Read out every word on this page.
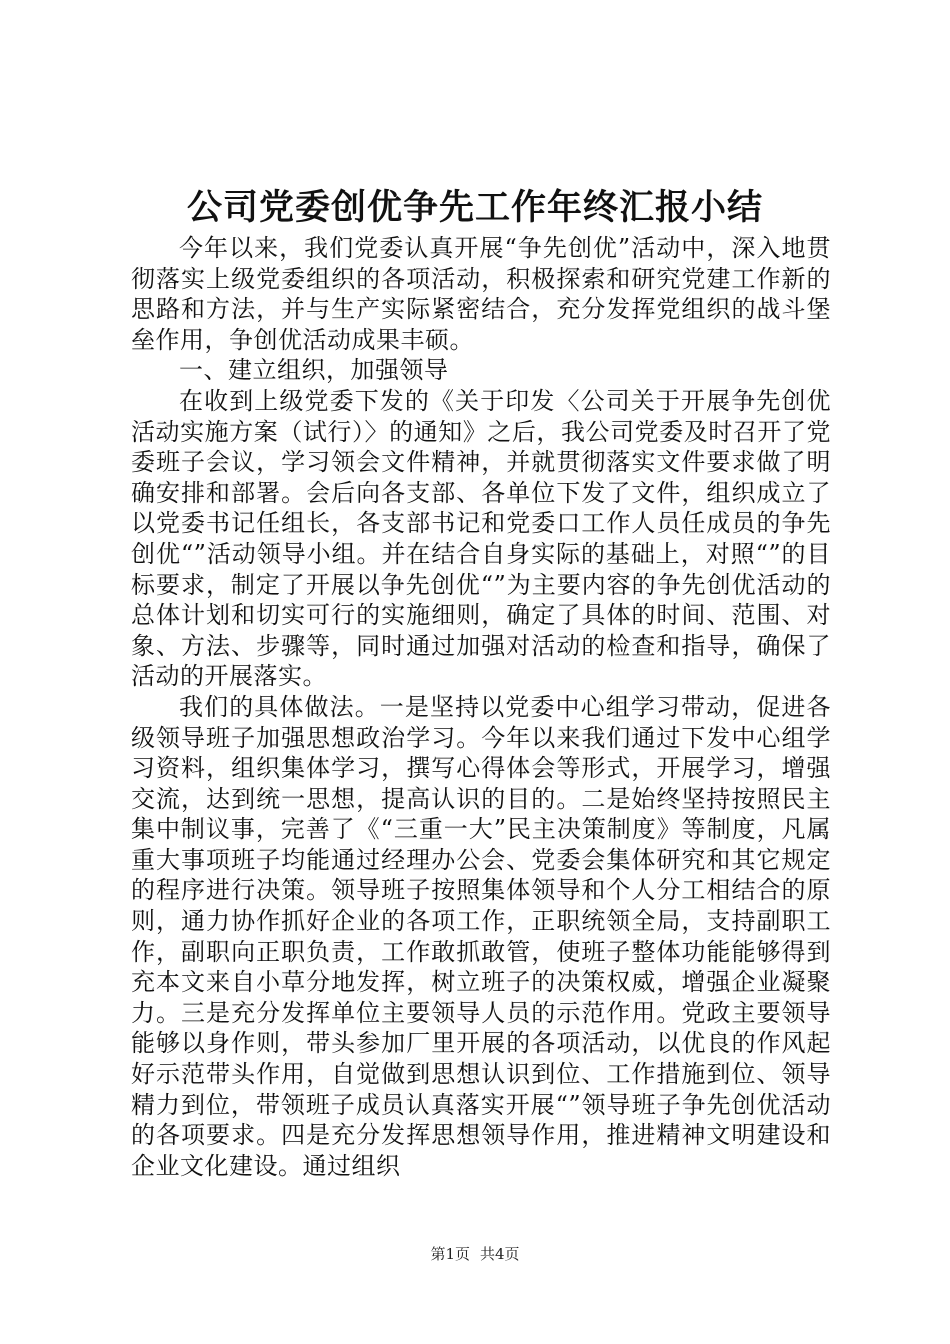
公司党委创优争先工作年终汇报小结

今年以来，我们党委认真开展“争先创优”活动中，深入地贯彻落实上级党委组织的各项活动，积极探索和研究党建工作新的思路和方法，并与生产实际紧密结合，充分发挥党组织的战斗堡垒作用，争创优活动成果丰硕。

一、建立组织，加强领导

在收到上级党委下发的《关于印发〈公司关于开展争先创优活动实施方案（试行）〉的通知》之后，我公司党委及时召开了党委班子会议，学习领会文件精神，并就贯彻落实文件要求做了明确安排和部署。会后向各支部、各单位下发了文件，组织成立了以党委书记任组长，各支部书记和党委口工作人员任成员的争先创优“”活动领导小组。并在结合自身实际的基础上，对照“”的目标要求，制定了开展以争先创优“”为主要内容的争先创优活动的总体计划和切实可行的实施细则，确定了具体的时间、范围、对象、方法、步骤等，同时通过加强对活动的检查和指导，确保了活动的开展落实。

我们的具体做法。一是坚持以党委中心组学习带动，促进各级领导班子加强思想政治学习。今年以来我们通过下发中心组学习资料，组织集体学习，撰写心得体会等形式，开展学习，增强交流，达到统一思想，提高认识的目的。二是始终坚持按照民主集中制议事，完善了《“三重一大”民主决策制度》等制度，凡属重大事项班子均能通过经理办公会、党委会集体研究和其它规定的程序进行决策。领导班子按照集体领导和个人分工相结合的原则，通力协作抓好企业的各项工作，正职统领全局，支持副职工作，副职向正职负责，工作敢抓敢管，使班子整体功能能够得到充本文来自小草分地发挥，树立班子的决策权威，增强企业凝聚力。三是充分发挥单位主要领导人员的示范作用。党政主要领导能够以身作则，带头参加厂里开展的各项活动，以优良的作风起好示范带头作用，自觉做到思想认识到位、工作措施到位、领导精力到位，带领班子成员认真落实开展“”领导班子争先创优活动的各项要求。四是充分发挥思想领导作用，推进精神文明建设和企业文化建设。通过组织

第1页 共4页
